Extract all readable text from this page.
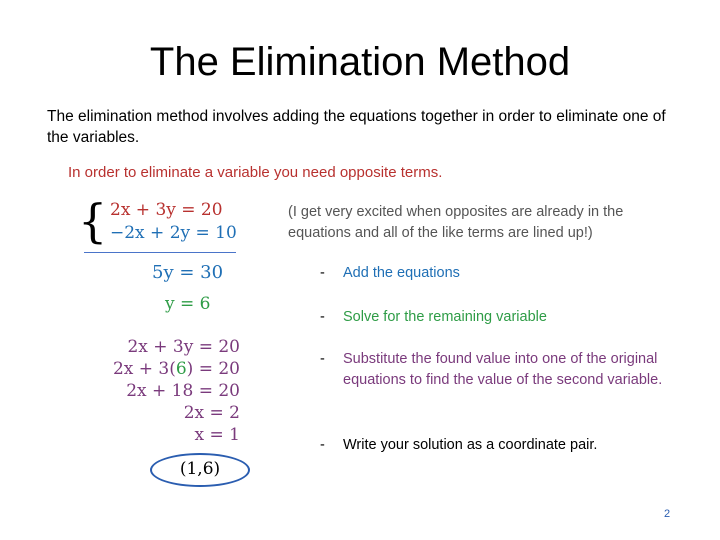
The Elimination Method
The elimination method involves adding the equations together in order to eliminate one of the variables.
In order to eliminate a variable you need opposite terms.
{ 2x + 3y = 20
−2x + 2y = 10
5y = 30
y = 6
2x + 3y = 20
2x + 3(6) = 20
2x + 18 = 20
2x = 2
x = 1
(1,6)
(I get very excited when opposites are already in the equations and all of the like terms are lined up!)
- Add the equations
- Solve for the remaining variable
- Substitute the found value into one of the original equations to find the value of the second variable.
- Write your solution as a coordinate pair.
2
